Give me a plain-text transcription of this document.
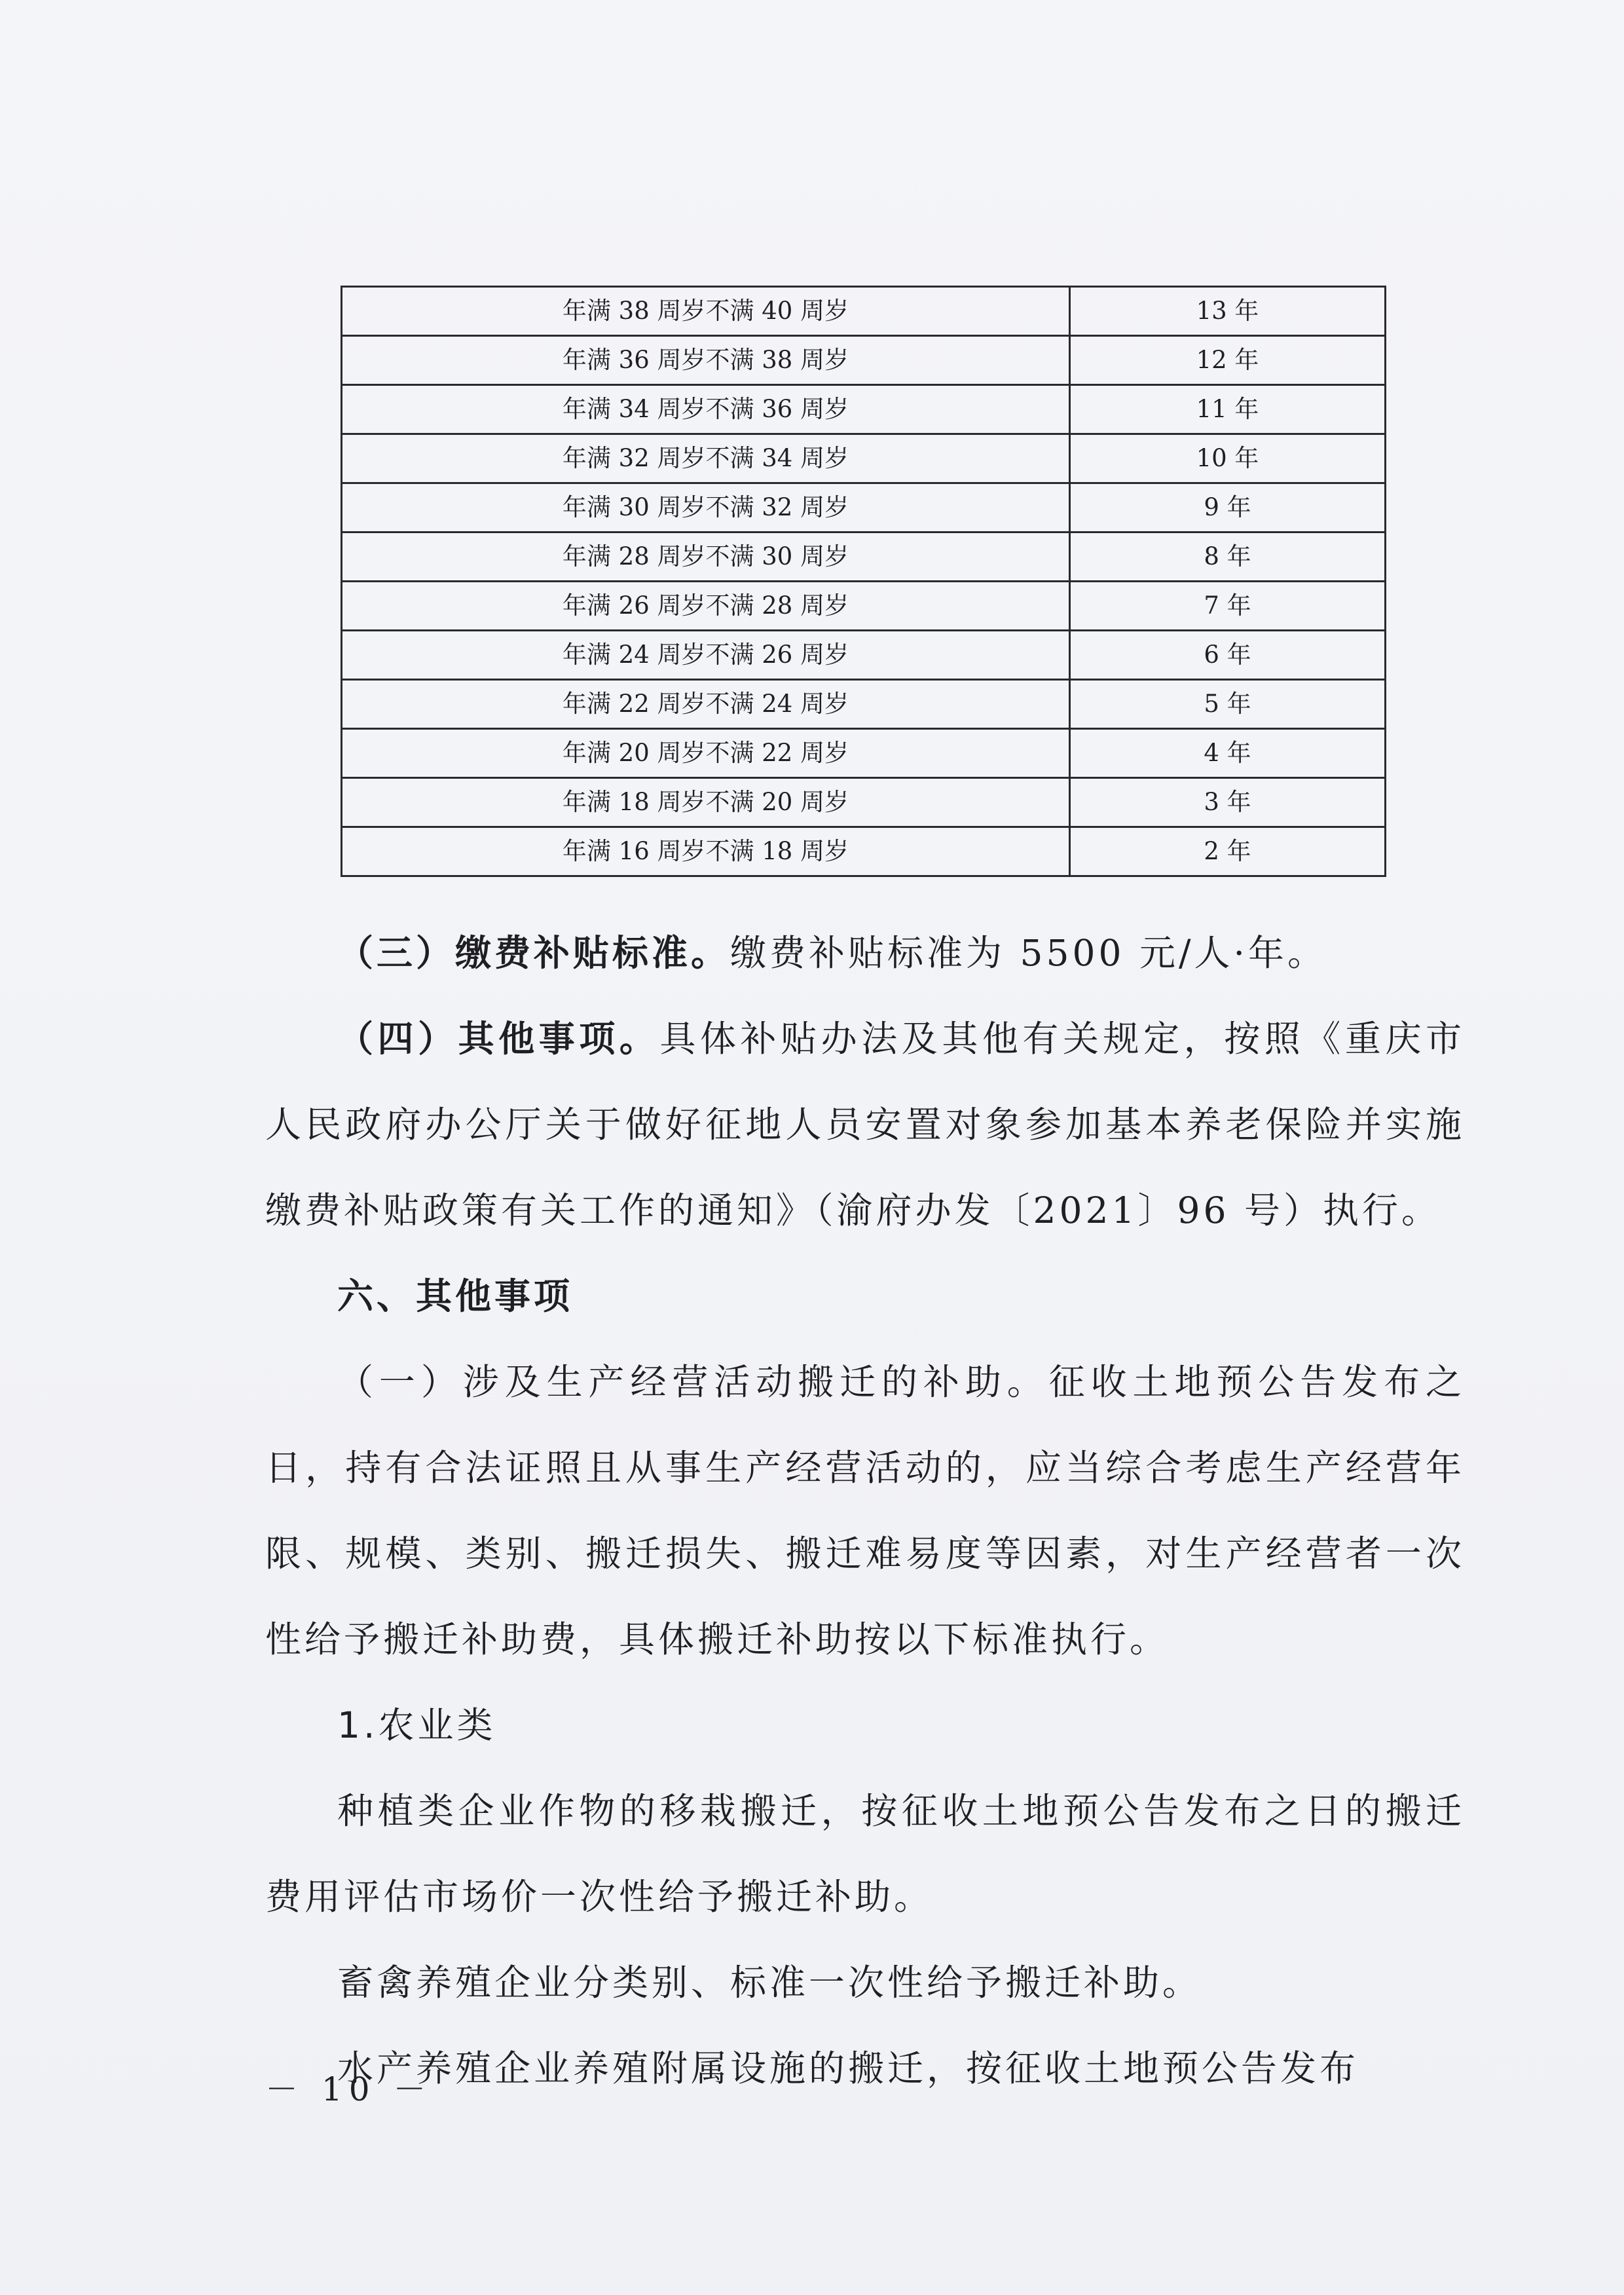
年满 38 周岁不满 40 周岁	13 年
年满 36 周岁不满 38 周岁	12 年
年满 34 周岁不满 36 周岁	11 年
年满 32 周岁不满 34 周岁	10 年
年满 30 周岁不满 32 周岁	9 年
年满 28 周岁不满 30 周岁	8 年
年满 26 周岁不满 28 周岁	7 年
年满 24 周岁不满 26 周岁	6 年
年满 22 周岁不满 24 周岁	5 年
年满 20 周岁不满 22 周岁	4 年
年满 18 周岁不满 20 周岁	3 年
年满 16 周岁不满 18 周岁	2 年

（三）缴费补贴标准。缴费补贴标准为 5500 元/人·年。

（四）其他事项。具体补贴办法及其他有关规定，按照《重庆市人民政府办公厅关于做好征地人员安置对象参加基本养老保险并实施缴费补贴政策有关工作的通知》（渝府办发〔2021〕96 号）执行。

六、其他事项

（一）涉及生产经营活动搬迁的补助。征收土地预公告发布之日，持有合法证照且从事生产经营活动的，应当综合考虑生产经营年限、规模、类别、搬迁损失、搬迁难易度等因素，对生产经营者一次性给予搬迁补助费，具体搬迁补助按以下标准执行。

1.农业类

种植类企业作物的移栽搬迁，按征收土地预公告发布之日的搬迁费用评估市场价一次性给予搬迁补助。

畜禽养殖企业分类别、标准一次性给予搬迁补助。

水产养殖企业养殖附属设施的搬迁，按征收土地预公告发布

－ 10 －
